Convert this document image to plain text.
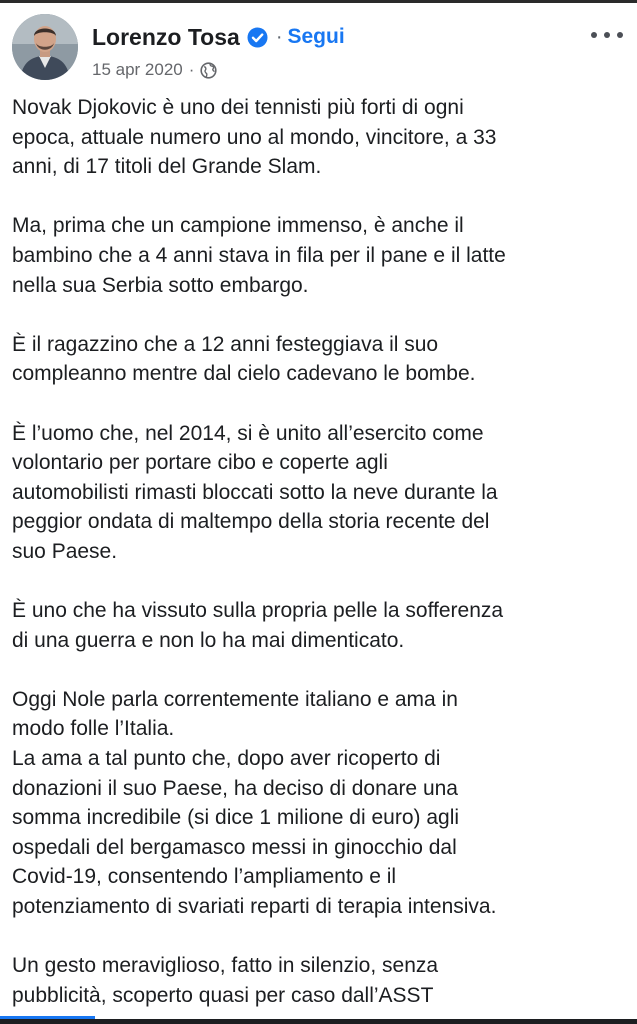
Lorenzo Tosa · Segui
15 apr 2020 ·
Novak Djokovic è uno dei tennisti più forti di ogni
epoca, attuale numero uno al mondo, vincitore, a 33
anni, di 17 titoli del Grande Slam.
Ma, prima che un campione immenso, è anche il
bambino che a 4 anni stava in fila per il pane e il latte
nella sua Serbia sotto embargo.
È il ragazzino che a 12 anni festeggiava il suo
compleanno mentre dal cielo cadevano le bombe.
È l’uomo che, nel 2014, si è unito all’esercito come
volontario per portare cibo e coperte agli
automobilisti rimasti bloccati sotto la neve durante la
peggior ondata di maltempo della storia recente del
suo Paese.
È uno che ha vissuto sulla propria pelle la sofferenza
di una guerra e non lo ha mai dimenticato.
Oggi Nole parla correntemente italiano e ama in
modo folle l’Italia.
La ama a tal punto che, dopo aver ricoperto di
donazioni il suo Paese, ha deciso di donare una
somma incredibile (si dice 1 milione di euro) agli
ospedali del bergamasco messi in ginocchio dal
Covid-19, consentendo l’ampliamento e il
potenziamento di svariati reparti di terapia intensiva.
Un gesto meraviglioso, fatto in silenzio, senza
pubblicità, scoperto quasi per caso dall’ASST
